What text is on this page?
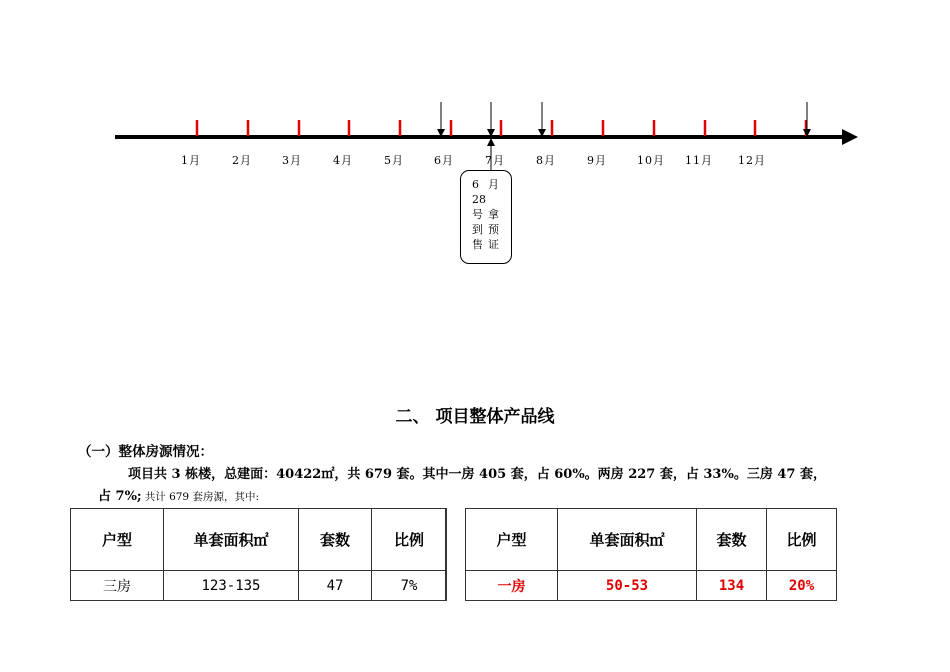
1月	2月	3月	4月	5月	6月	7月	8月	9月	10月 11月 12月
6 月
28
号 拿
到 预
售 证
二、 项目整体产品线
（一）整体房源情况：
项目共 3 栋楼，总建面：40422㎡，共 679 套。其中一房 405 套，占 60%。两房 227 套，占 33%。三房 47 套，
占 7%; 共计 679 套房源，其中:
户型	单套面积㎡	套数	比例
三房	123-135	47	7%
户型	单套面积㎡	套数	比例
一房	50-53	134	20%
